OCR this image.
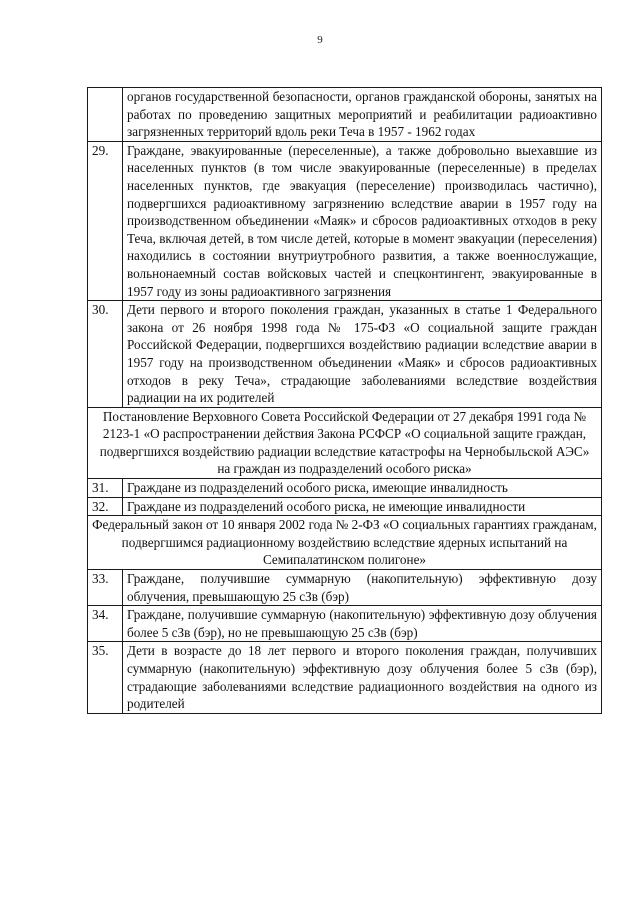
9
	органов государственной безопасности, органов гражданской обороны, занятых на работах по проведению защитных мероприятий и реабилитации радиоактивно загрязненных территорий вдоль реки Теча в 1957 - 1962 годах
29.	Граждане, эвакуированные (переселенные), а также добровольно выехавшие из населенных пунктов (в том числе эвакуированные (переселенные) в пределах населенных пунктов, где эвакуация (переселение) производилась частично), подвергшихся радиоактивному загрязнению вследствие аварии в 1957 году на производственном объединении «Маяк» и сбросов радиоактивных отходов в реку Теча, включая детей, в том числе детей, которые в момент эвакуации (переселения) находились в состоянии внутриутробного развития, а также военнослужащие, вольнонаемный состав войсковых частей и спецконтингент, эвакуированные в 1957 году из зоны радиоактивного загрязнения
30.	Дети первого и второго поколения граждан, указанных в статье 1 Федерального закона от 26 ноября 1998 года № 175-ФЗ «О социальной защите граждан Российской Федерации, подвергшихся воздействию радиации вследствие аварии в 1957 году на производственном объединении «Маяк» и сбросов радиоактивных отходов в реку Теча», страдающие заболеваниями вследствие воздействия радиации на их родителей
Постановление Верховного Совета Российской Федерации от 27 декабря 1991 года № 2123-1 «О распространении действия Закона РСФСР «О социальной защите граждан, подвергшихся воздействию радиации вследствие катастрофы на Чернобыльской АЭС» на граждан из подразделений особого риска»	
31.	Граждане из подразделений особого риска, имеющие инвалидность
32.	Граждане из подразделений особого риска, не имеющие инвалидности
Федеральный закон от 10 января 2002 года № 2-ФЗ «О социальных гарантиях гражданам, подвергшимся радиационному воздействию вследствие ядерных испытаний на Семипалатинском полигоне»	
33.	Граждане, получившие суммарную (накопительную) эффективную дозу облучения, превышающую 25 сЗв (бэр)
34.	Граждане, получившие суммарную (накопительную) эффективную дозу облучения более 5 сЗв (бэр), но не превышающую 25 сЗв (бэр)
35.	Дети в возрасте до 18 лет первого и второго поколения граждан, получивших суммарную (накопительную) эффективную дозу облучения более 5 сЗв (бэр), страдающие заболеваниями вследствие радиационного воздействия на одного из родителей
